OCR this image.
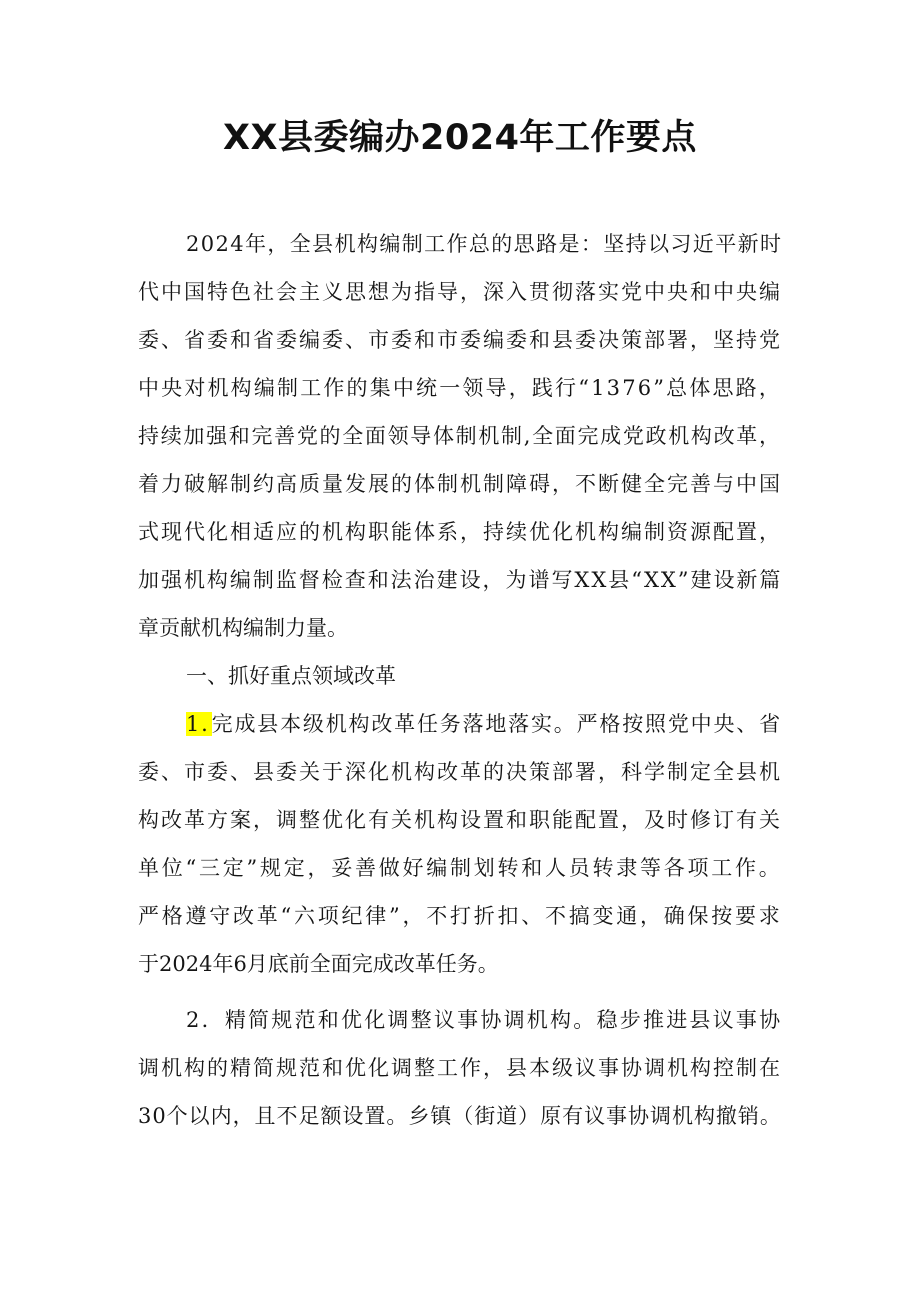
XX县委编办2024年工作要点
2024年，全县机构编制工作总的思路是：坚持以习近平新时
代中国特色社会主义思想为指导，深入贯彻落实党中央和中央编
委、省委和省委编委、市委和市委编委和县委决策部署，坚持党
中央对机构编制工作的集中统一领导，践行“1376”总体思路，
持续加强和完善党的全面领导体制机制,全面完成党政机构改革，
着力破解制约高质量发展的体制机制障碍，不断健全完善与中国
式现代化相适应的机构职能体系，持续优化机构编制资源配置，
加强机构编制监督检查和法治建设，为谱写XX县“XX”建设新篇
章贡献机构编制力量。
一、抓好重点领域改革
1.完成县本级机构改革任务落地落实。严格按照党中央、省
委、市委、县委关于深化机构改革的决策部署，科学制定全县机
构改革方案，调整优化有关机构设置和职能配置，及时修订有关
单位“三定”规定，妥善做好编制划转和人员转隶等各项工作。
严格遵守改革“六项纪律”，不打折扣、不搞变通，确保按要求
于2024年6月底前全面完成改革任务。
2．精简规范和优化调整议事协调机构。稳步推进县议事协
调机构的精简规范和优化调整工作，县本级议事协调机构控制在
30个以内，且不足额设置。乡镇（街道）原有议事协调机构撤销。
